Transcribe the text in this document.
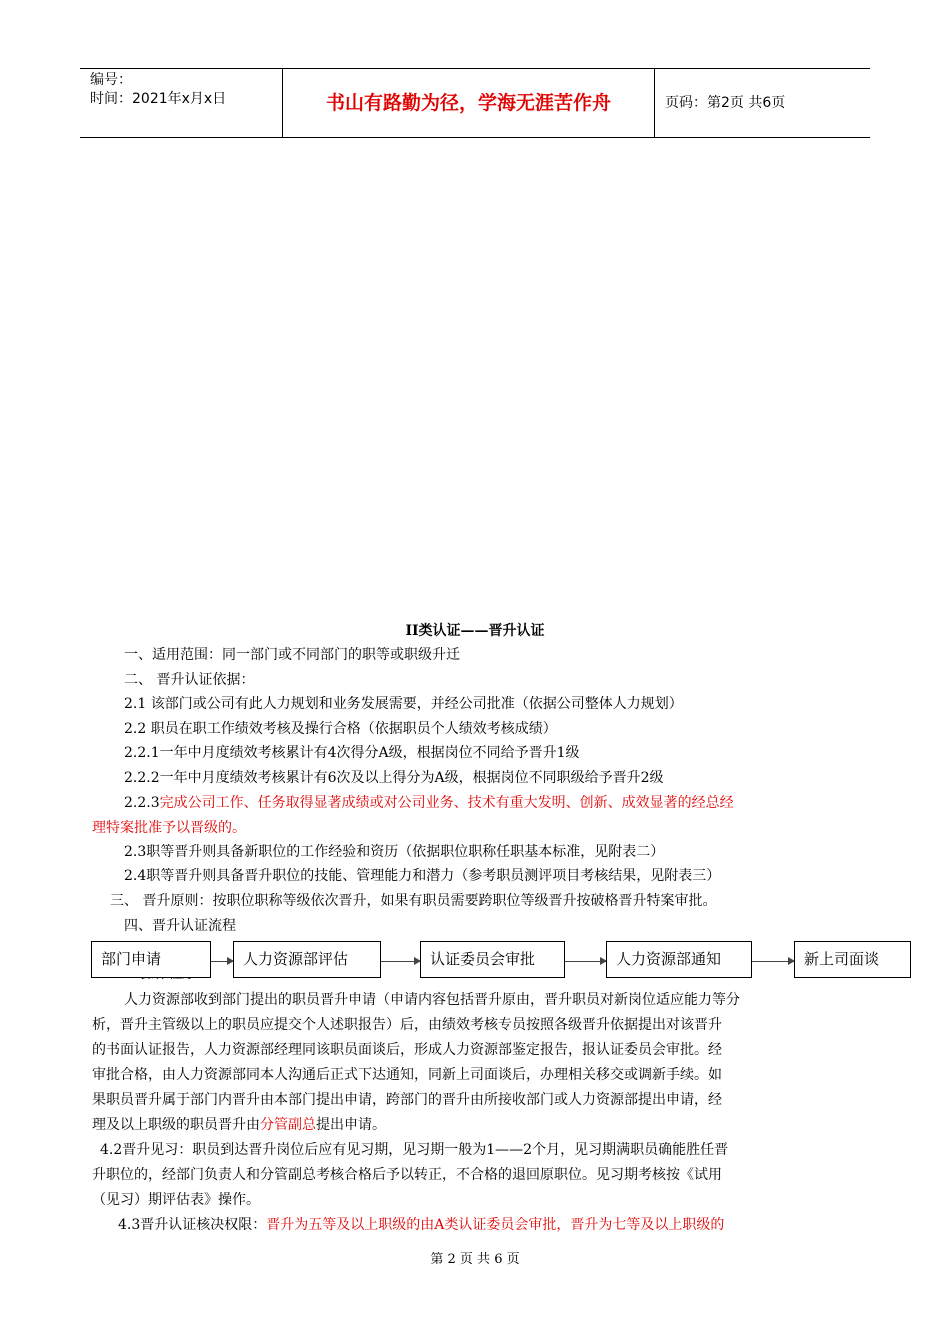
编号：
时间：2021年x月x日	书山有路勤为径，学海无涯苦作舟	页码：第2页 共6页
II类认证——晋升认证
一、适用范围：同一部门或不同部门的职等或职级升迁
二、 晋升认证依据：
2.1 该部门或公司有此人力规划和业务发展需要，并经公司批准（依据公司整体人力规划）
2.2 职员在职工作绩效考核及操行合格（依据职员个人绩效考核成绩）
2.2.1一年中月度绩效考核累计有4次得分A级，根据岗位不同给予晋升1级
2.2.2一年中月度绩效考核累计有6次及以上得分为A级，根据岗位不同职级给予晋升2级
2.2.3完成公司工作、任务取得显著成绩或对公司业务、技术有重大发明、创新、成效显著的经总经
理特案批准予以晋级的。
2.3职等晋升则具备新职位的工作经验和资历（依据职位职称任职基本标准，见附表二）
2.4职等晋升则具备晋升职位的技能、管理能力和潜力（参考职员测评项目考核结果，见附表三）
三、 晋升原则：按职位职称等级依次晋升，如果有职员需要跨职位等级晋升按破格晋升特案审批。
四、晋升认证流程
部门申请	人力资源部评估	认证委员会审批	人力资源部通知	新上司面谈
人力资源部收到部门提出的职员晋升申请（申请内容包括晋升原由，晋升职员对新岗位适应能力等分
析，晋升主管级以上的职员应提交个人述职报告）后，由绩效考核专员按照各级晋升依据提出对该晋升
的书面认证报告，人力资源部经理同该职员面谈后，形成人力资源部鉴定报告，报认证委员会审批。经
审批合格，由人力资源部同本人沟通后正式下达通知，同新上司面谈后，办理相关移交或调新手续。如
果职员晋升属于部门内晋升由本部门提出申请，跨部门的晋升由所接收部门或人力资源部提出申请，经
理及以上职级的职员晋升由分管副总提出申请。
4.2晋升见习：职员到达晋升岗位后应有见习期，见习期一般为1——2个月，见习期满职员确能胜任晋
升职位的，经部门负责人和分管副总考核合格后予以转正，不合格的退回原职位。见习期考核按《试用
（见习）期评估表》操作。
4.3晋升认证核决权限：晋升为五等及以上职级的由A类认证委员会审批，晋升为七等及以上职级的
第 2 页 共 6 页
